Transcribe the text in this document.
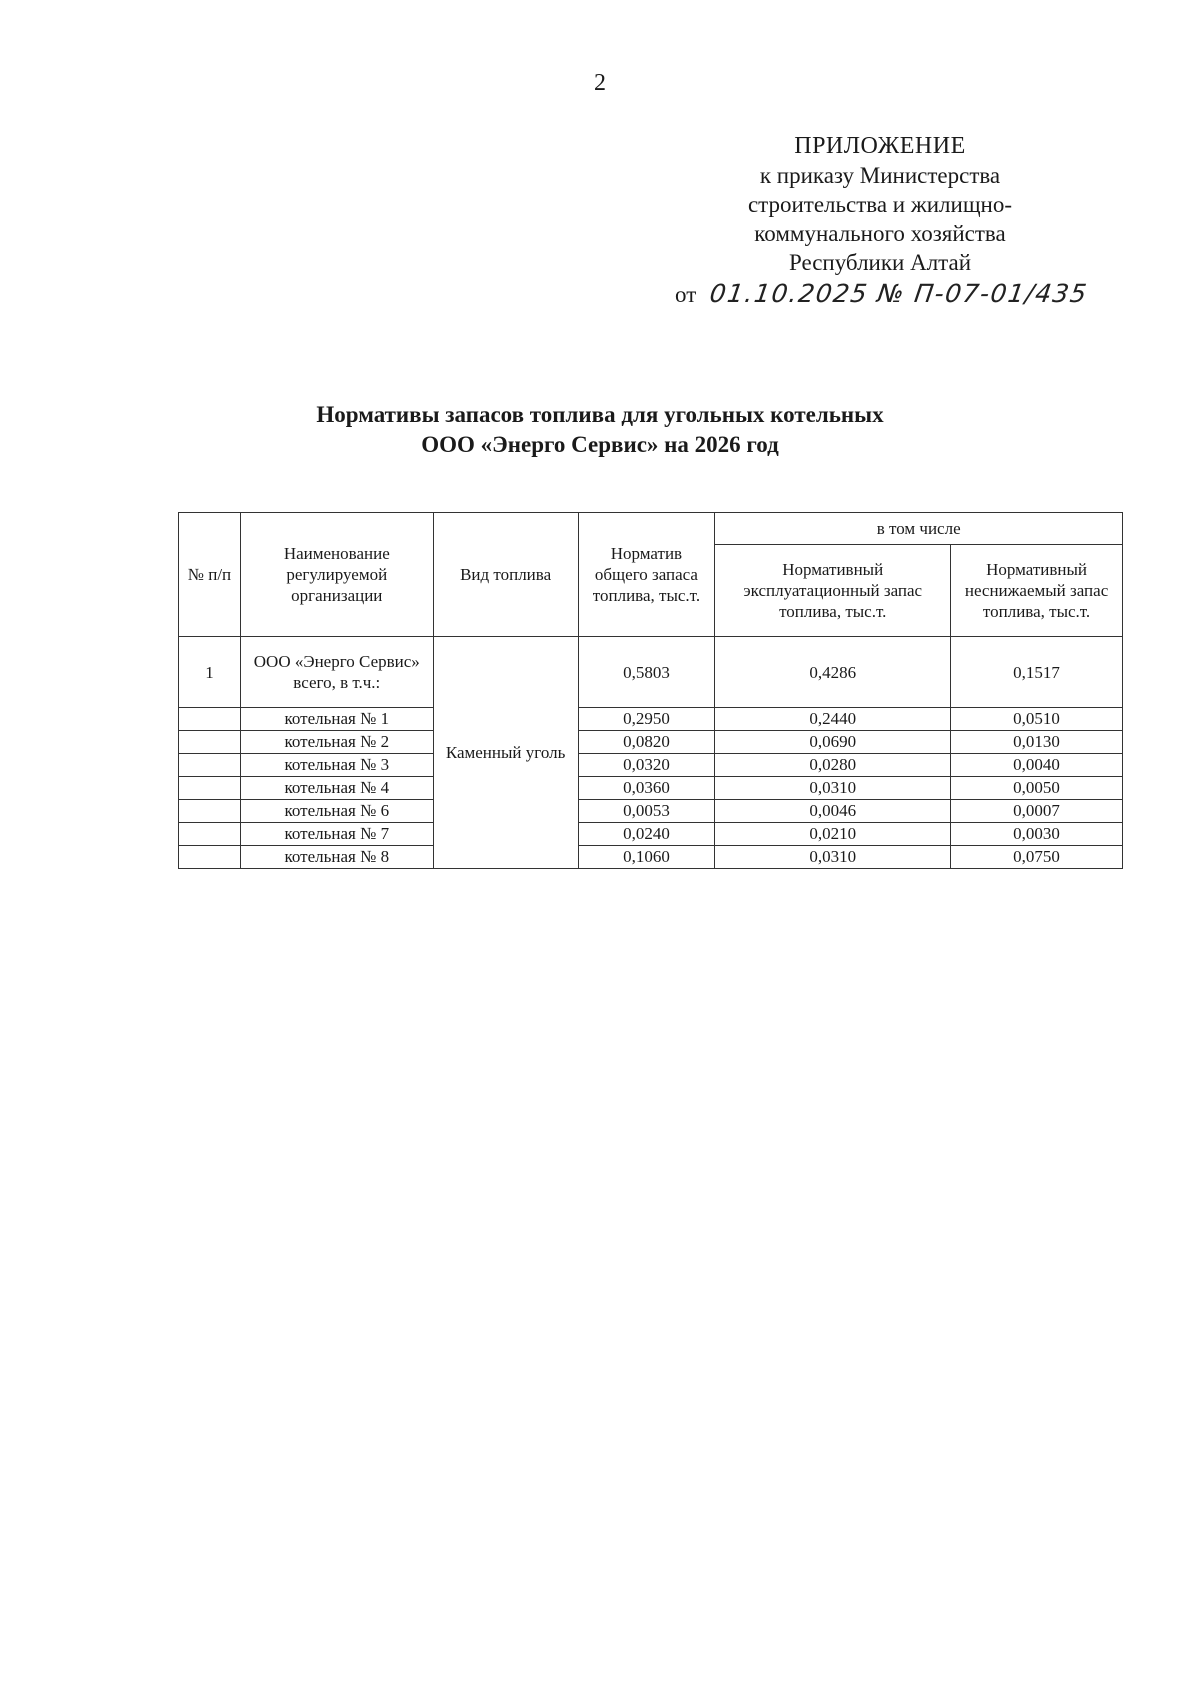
2
ПРИЛОЖЕНИЕ
к приказу Министерства
строительства и жилищно-
коммунального хозяйства
Республики Алтай
от 01.10.2025 № П-07-01/435
Нормативы запасов топлива для угольных котельных
ООО «Энерго Сервис» на 2026 год
№ п/п	Наименование регулируемой организации	Вид топлива	Норматив общего запаса топлива, тыс.т.	в том числе	
				Нормативный эксплуатационный запас топлива, тыс.т.	Нормативный неснижаемый запас топлива, тыс.т.
1	ООО «Энерго Сервис» всего, в т.ч.:	Каменный уголь	0,5803	0,4286	0,1517
	котельная № 1		0,2950	0,2440	0,0510
	котельная № 2		0,0820	0,0690	0,0130
	котельная № 3		0,0320	0,0280	0,0040
	котельная № 4		0,0360	0,0310	0,0050
	котельная № 6		0,0053	0,0046	0,0007
	котельная № 7		0,0240	0,0210	0,0030
	котельная № 8		0,1060	0,0310	0,0750
